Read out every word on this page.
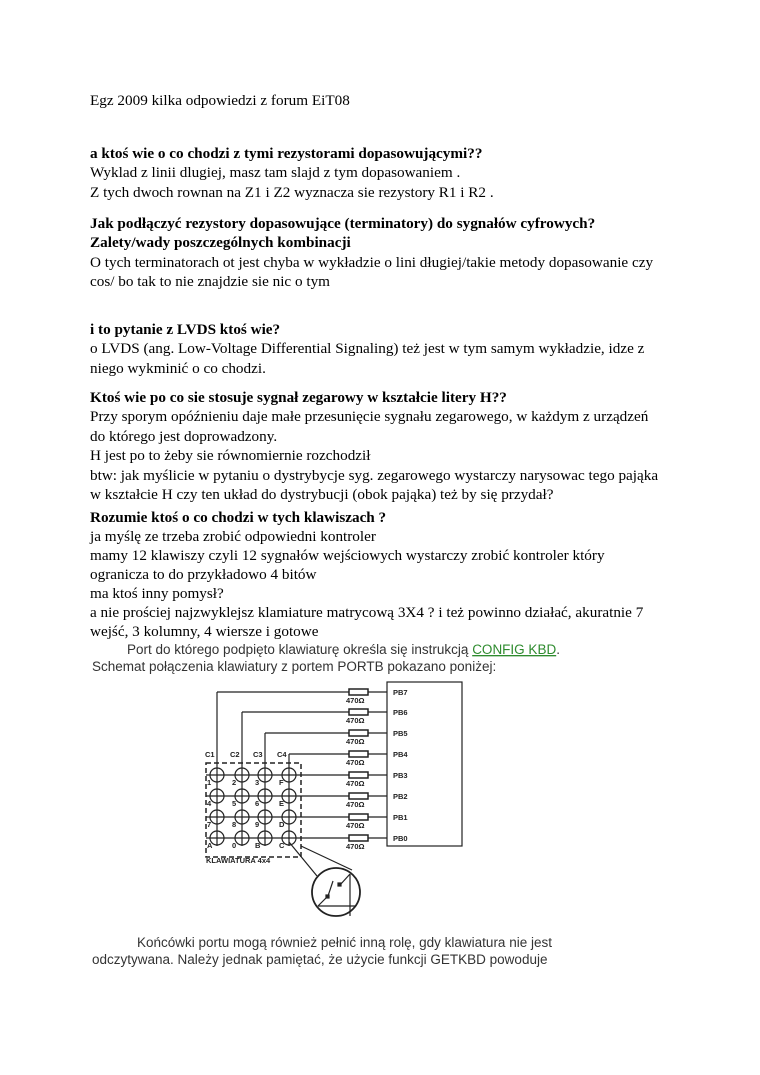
Egz 2009 kilka odpowiedzi z forum EiT08
a ktoś wie o co chodzi z tymi rezystorami dopasowującymi??
Wyklad z linii dlugiej, masz tam slajd z tym dopasowaniem .
Z tych dwoch rownan na Z1 i Z2 wyznacza sie rezystory R1 i R2 .
Jak podłączyć rezystory dopasowujące (terminatory) do sygnałów cyfrowych?
Zalety/wady poszczególnych kombinacji
O tych terminatorach ot jest chyba w wykładzie o lini długiej/takie metody dopasowanie czy
cos/ bo tak to nie znajdzie sie nic o tym
i to pytanie z LVDS ktoś wie?
o LVDS (ang. Low-Voltage Differential Signaling) też jest w tym samym wykładzie, idze z
niego wykminić o co chodzi.
Ktoś wie po co sie stosuje sygnał zegarowy w kształcie litery H??
Przy sporym opóźnieniu daje małe przesunięcie sygnału zegarowego, w każdym z urządzeń
do którego jest doprowadzony.
H jest po to żeby sie równomiernie rozchodził
btw: jak myślicie w pytaniu o dystrybycje syg. zegarowego wystarczy narysowac tego pająka
w kształcie H czy ten układ do dystrybucji (obok pająka) też by się przydał?
Rozumie ktoś o co chodzi w tych klawiszach ?
ja myślę ze trzeba zrobić odpowiedni kontroler
mamy 12 klawiszy czyli 12 sygnałów wejściowych wystarczy zrobić kontroler który
ogranicza to do przykładowo 4 bitów
ma ktoś inny pomysł?
a nie prościej najzwyklejsz klamiature matrycową 3X4 ? i też powinno działać, akuratnie 7
wejść, 3 kolumny, 4 wiersze i gotowe
Port do którego podpięto klawiaturę określa się instrukcją CONFIG KBD.
Schemat połączenia klawiatury z portem PORTB pokazano poniżej:
PB7
470Ω
PB6
470Ω
PB5
470Ω
PB4
470Ω
PB3
470Ω
PB2
470Ω
PB1
470Ω
PB0
470Ω
C1 C2 C3 C4
1	2	3	F
4	5	6	E
7	8	9	D
A	0	B C
KLAWIATURA 4x4
Końcówki portu mogą również pełnić inną rolę, gdy klawiatura nie jest
odczytywana. Należy jednak pamiętać, że użycie funkcji GETKBD powoduje
